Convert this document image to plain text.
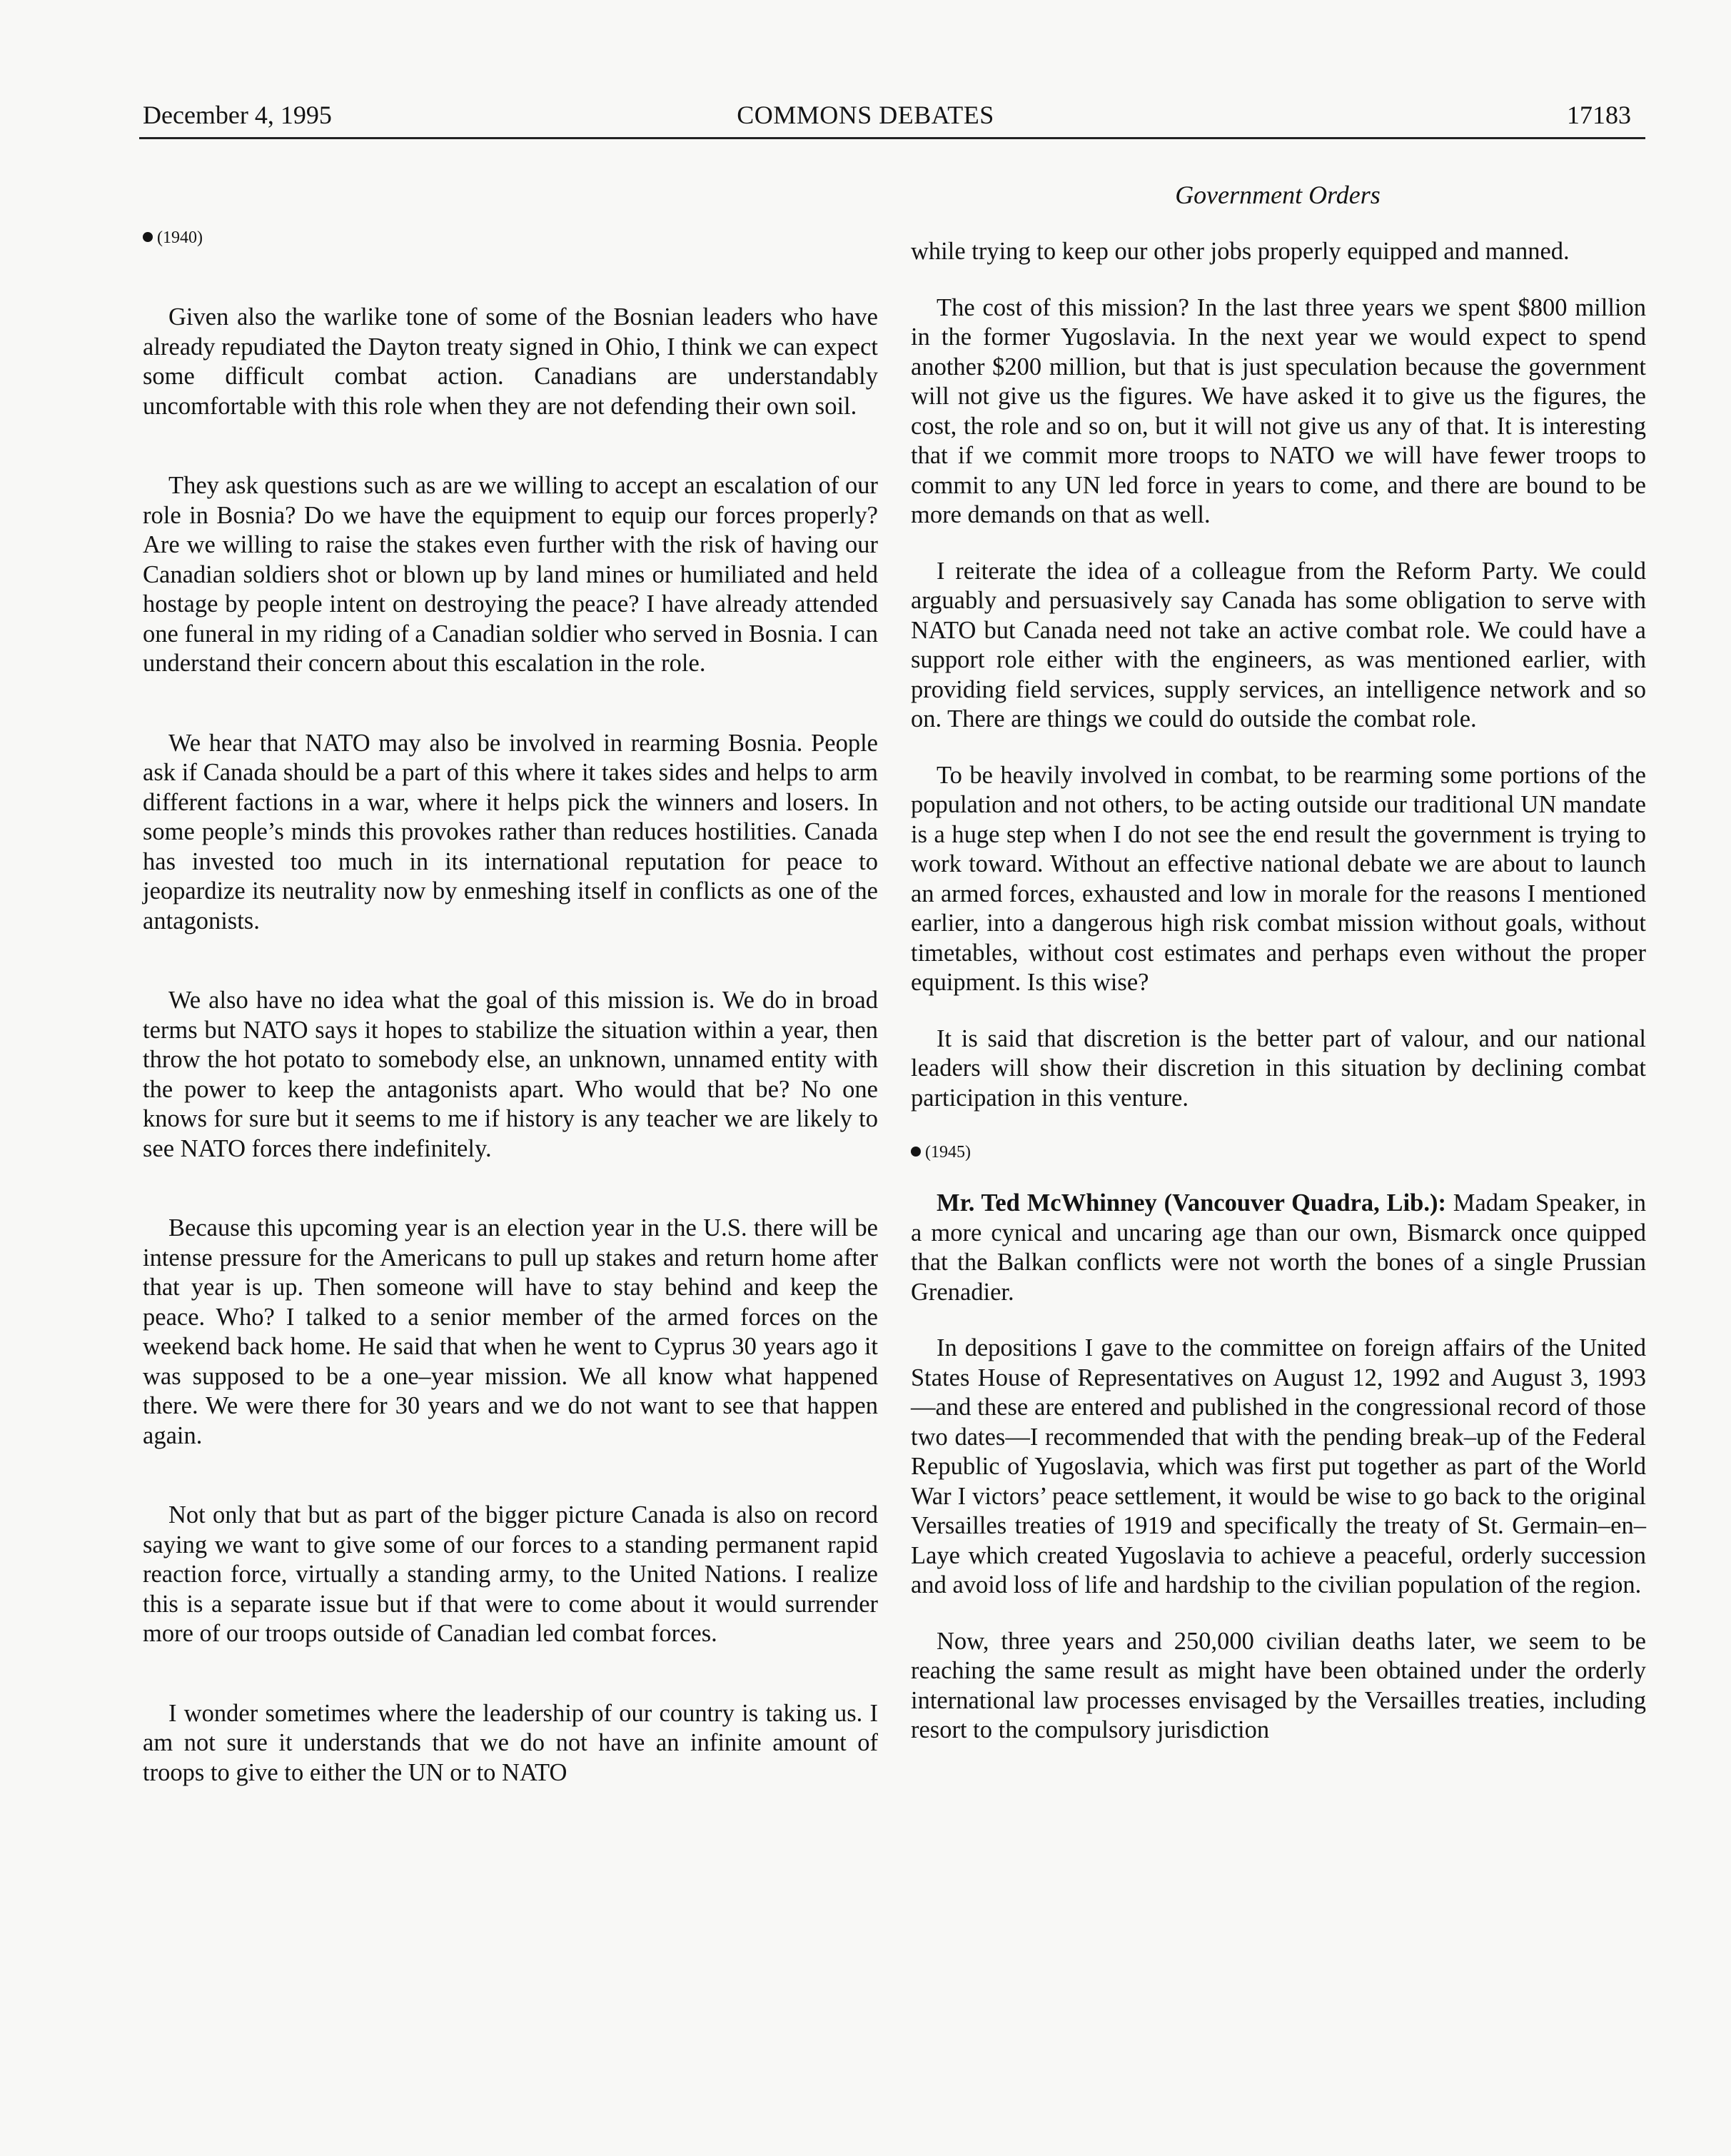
December 4, 1995	COMMONS DEBATES	17183
Government Orders
(1940)

Given also the warlike tone of some of the Bosnian leaders who have already repudiated the Dayton treaty signed in Ohio, I think we can expect some difficult combat action. Canadians are understandably uncomfortable with this role when they are not defending their own soil.

They ask questions such as are we willing to accept an escalation of our role in Bosnia? Do we have the equipment to equip our forces properly? Are we willing to raise the stakes even further with the risk of having our Canadian soldiers shot or blown up by land mines or humiliated and held hostage by people intent on destroying the peace? I have already attended one funeral in my riding of a Canadian soldier who served in Bosnia. I can understand their concern about this escalation in the role.

We hear that NATO may also be involved in rearming Bosnia. People ask if Canada should be a part of this where it takes sides and helps to arm different factions in a war, where it helps pick the winners and losers. In some people’s minds this provokes rather than reduces hostilities. Canada has invested too much in its international reputation for peace to jeopardize its neutrality now by enmeshing itself in conflicts as one of the antagonists.

We also have no idea what the goal of this mission is. We do in broad terms but NATO says it hopes to stabilize the situation within a year, then throw the hot potato to somebody else, an unknown, unnamed entity with the power to keep the antagonists apart. Who would that be? No one knows for sure but it seems to me if history is any teacher we are likely to see NATO forces there indefinitely.

Because this upcoming year is an election year in the U.S. there will be intense pressure for the Americans to pull up stakes and return home after that year is up. Then someone will have to stay behind and keep the peace. Who? I talked to a senior member of the armed forces on the weekend back home. He said that when he went to Cyprus 30 years ago it was supposed to be a one–year mission. We all know what happened there. We were there for 30 years and we do not want to see that happen again.

Not only that but as part of the bigger picture Canada is also on record saying we want to give some of our forces to a standing permanent rapid reaction force, virtually a standing army, to the United Nations. I realize this is a separate issue but if that were to come about it would surrender more of our troops outside of Canadian led combat forces.

I wonder sometimes where the leadership of our country is taking us. I am not sure it understands that we do not have an infinite amount of troops to give to either the UN or to NATO

while trying to keep our other jobs properly equipped and manned.

The cost of this mission? In the last three years we spent $800 million in the former Yugoslavia. In the next year we would expect to spend another $200 million, but that is just speculation because the government will not give us the figures. We have asked it to give us the figures, the cost, the role and so on, but it will not give us any of that. It is interesting that if we commit more troops to NATO we will have fewer troops to commit to any UN led force in years to come, and there are bound to be more demands on that as well.

I reiterate the idea of a colleague from the Reform Party. We could arguably and persuasively say Canada has some obligation to serve with NATO but Canada need not take an active combat role. We could have a support role either with the engineers, as was mentioned earlier, with providing field services, supply services, an intelligence network and so on. There are things we could do outside the combat role.

To be heavily involved in combat, to be rearming some portions of the population and not others, to be acting outside our traditional UN mandate is a huge step when I do not see the end result the government is trying to work toward. Without an effective national debate we are about to launch an armed forces, exhausted and low in morale for the reasons I mentioned earlier, into a dangerous high risk combat mission without goals, without timetables, without cost estimates and perhaps even without the proper equipment. Is this wise?

It is said that discretion is the better part of valour, and our national leaders will show their discretion in this situation by declining combat participation in this venture.

(1945)

Mr. Ted McWhinney (Vancouver Quadra, Lib.): Madam Speaker, in a more cynical and uncaring age than our own, Bismarck once quipped that the Balkan conflicts were not worth the bones of a single Prussian Grenadier.

In depositions I gave to the committee on foreign affairs of the United States House of Representatives on August 12, 1992 and August 3, 1993—and these are entered and published in the congressional record of those two dates—I recommended that with the pending break–up of the Federal Republic of Yugoslavia, which was first put together as part of the World War I victors’ peace settlement, it would be wise to go back to the original Versailles treaties of 1919 and specifically the treaty of St. Germain–en–Laye which created Yugoslavia to achieve a peaceful, orderly succession and avoid loss of life and hardship to the civilian population of the region.

Now, three years and 250,000 civilian deaths later, we seem to be reaching the same result as might have been obtained under the orderly international law processes envisaged by the Versailles treaties, including resort to the compulsory jurisdiction
